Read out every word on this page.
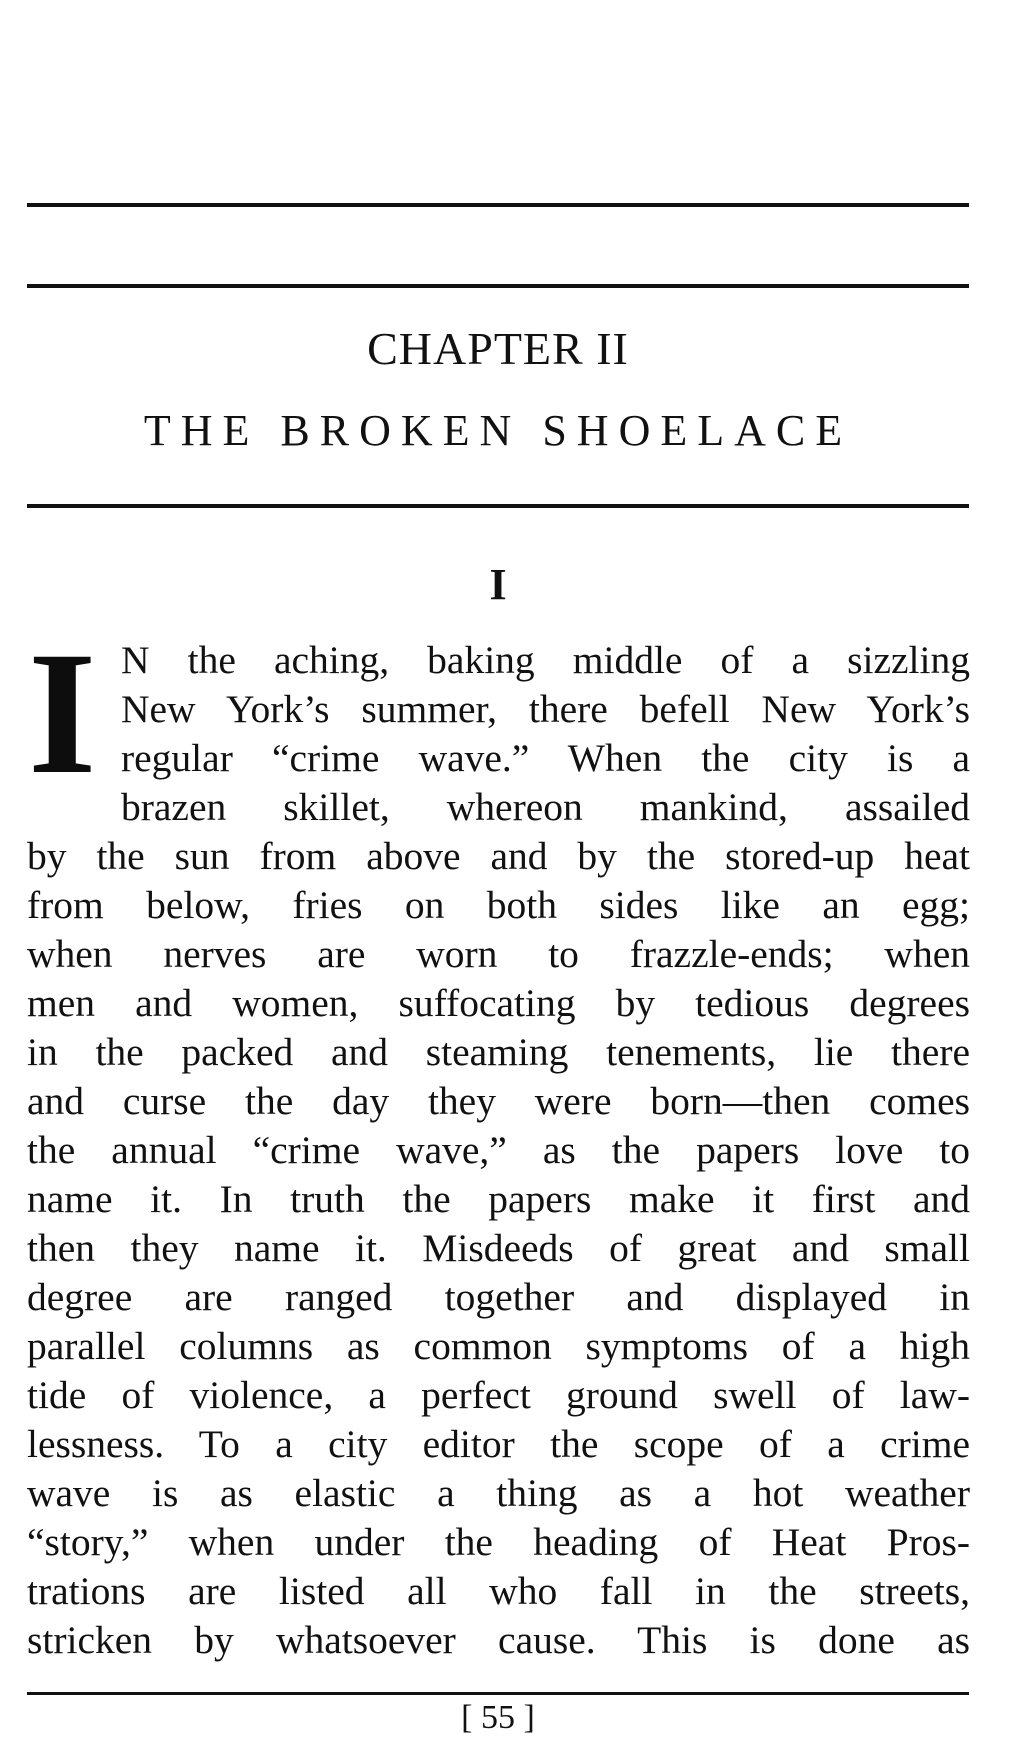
CHAPTER II
THE BROKEN SHOELACE
I
I N the aching, baking middle of a sizzling
New York’s summer, there befell New York’s
regular “crime wave.” When the city is a
brazen skillet, whereon mankind, assailed
by the sun from above and by the stored-up heat
from below, fries on both sides like an egg;
when nerves are worn to frazzle-ends; when
men and women, suffocating by tedious degrees
in the packed and steaming tenements, lie there
and curse the day they were born—then comes
the annual “crime wave,” as the papers love to
name it. In truth the papers make it first and
then they name it. Misdeeds of great and small
degree are ranged together and displayed in
parallel columns as common symptoms of a high
tide of violence, a perfect ground swell of law-
lessness. To a city editor the scope of a crime
wave is as elastic a thing as a hot weather
“story,” when under the heading of Heat Pros-
trations are listed all who fall in the streets,
stricken by whatsoever cause. This is done as
[ 55 ]
